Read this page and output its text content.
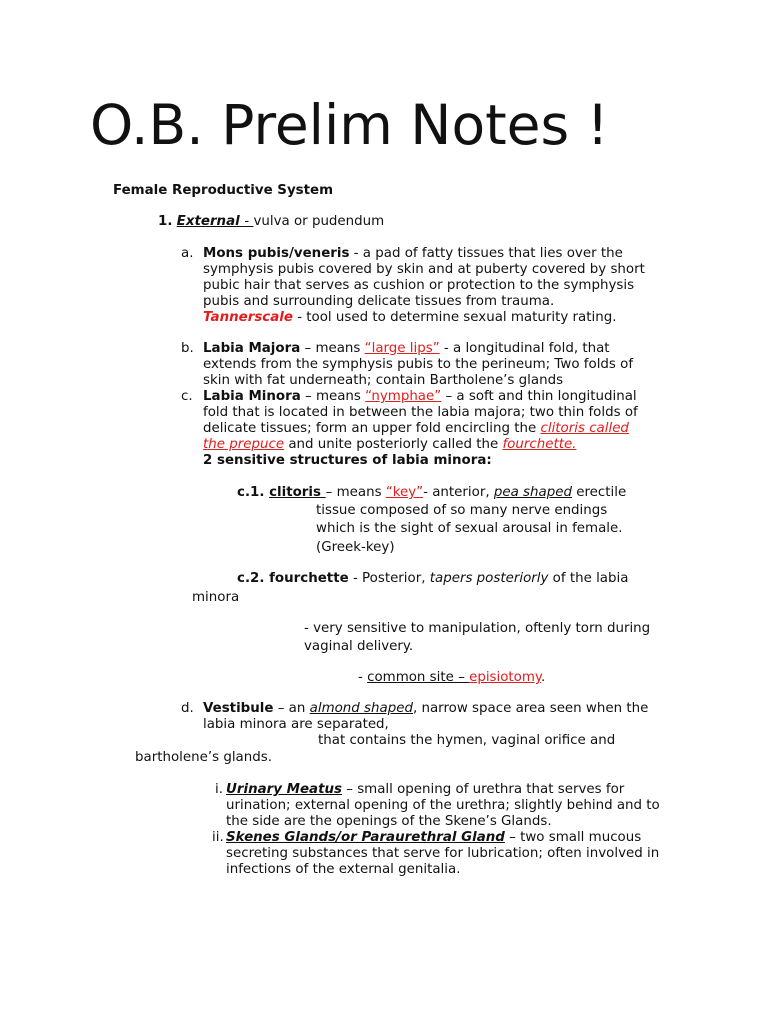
O.B. Prelim Notes !
Female Reproductive System
1. External - vulva or pudendum
a. Mons pubis/veneris - a pad of fatty tissues that lies over the
symphysis pubis covered by skin and at puberty covered by short
pubic hair that serves as cushion or protection to the symphysis
pubis and surrounding delicate tissues from trauma.
Tannerscale - tool used to determine sexual maturity rating.
b. Labia Majora – means “large lips” - a longitudinal fold, that
extends from the symphysis pubis to the perineum; Two folds of
skin with fat underneath; contain Bartholene’s glands
c. Labia Minora – means “nymphae” – a soft and thin longitudinal
fold that is located in between the labia majora; two thin folds of
delicate tissues; form an upper fold encircling the clitoris called
the prepuce and unite posteriorly called the fourchette.
2 sensitive structures of labia minora:
c.1. clitoris – means “key”- anterior, pea shaped erectile
tissue composed of so many nerve endings
which is the sight of sexual arousal in female.
(Greek-key)
c.2. fourchette - Posterior, tapers posteriorly of the labia
minora
- very sensitive to manipulation, oftenly torn during
vaginal delivery.
- common site – episiotomy.
d. Vestibule – an almond shaped, narrow space area seen when the
labia minora are separated,
that contains the hymen, vaginal orifice and
bartholene’s glands.
i. Urinary Meatus – small opening of urethra that serves for
urination; external opening of the urethra; slightly behind and to
the side are the openings of the Skene’s Glands.
ii. Skenes Glands/or Paraurethral Gland – two small mucous
secreting substances that serve for lubrication; often involved in
infections of the external genitalia.
